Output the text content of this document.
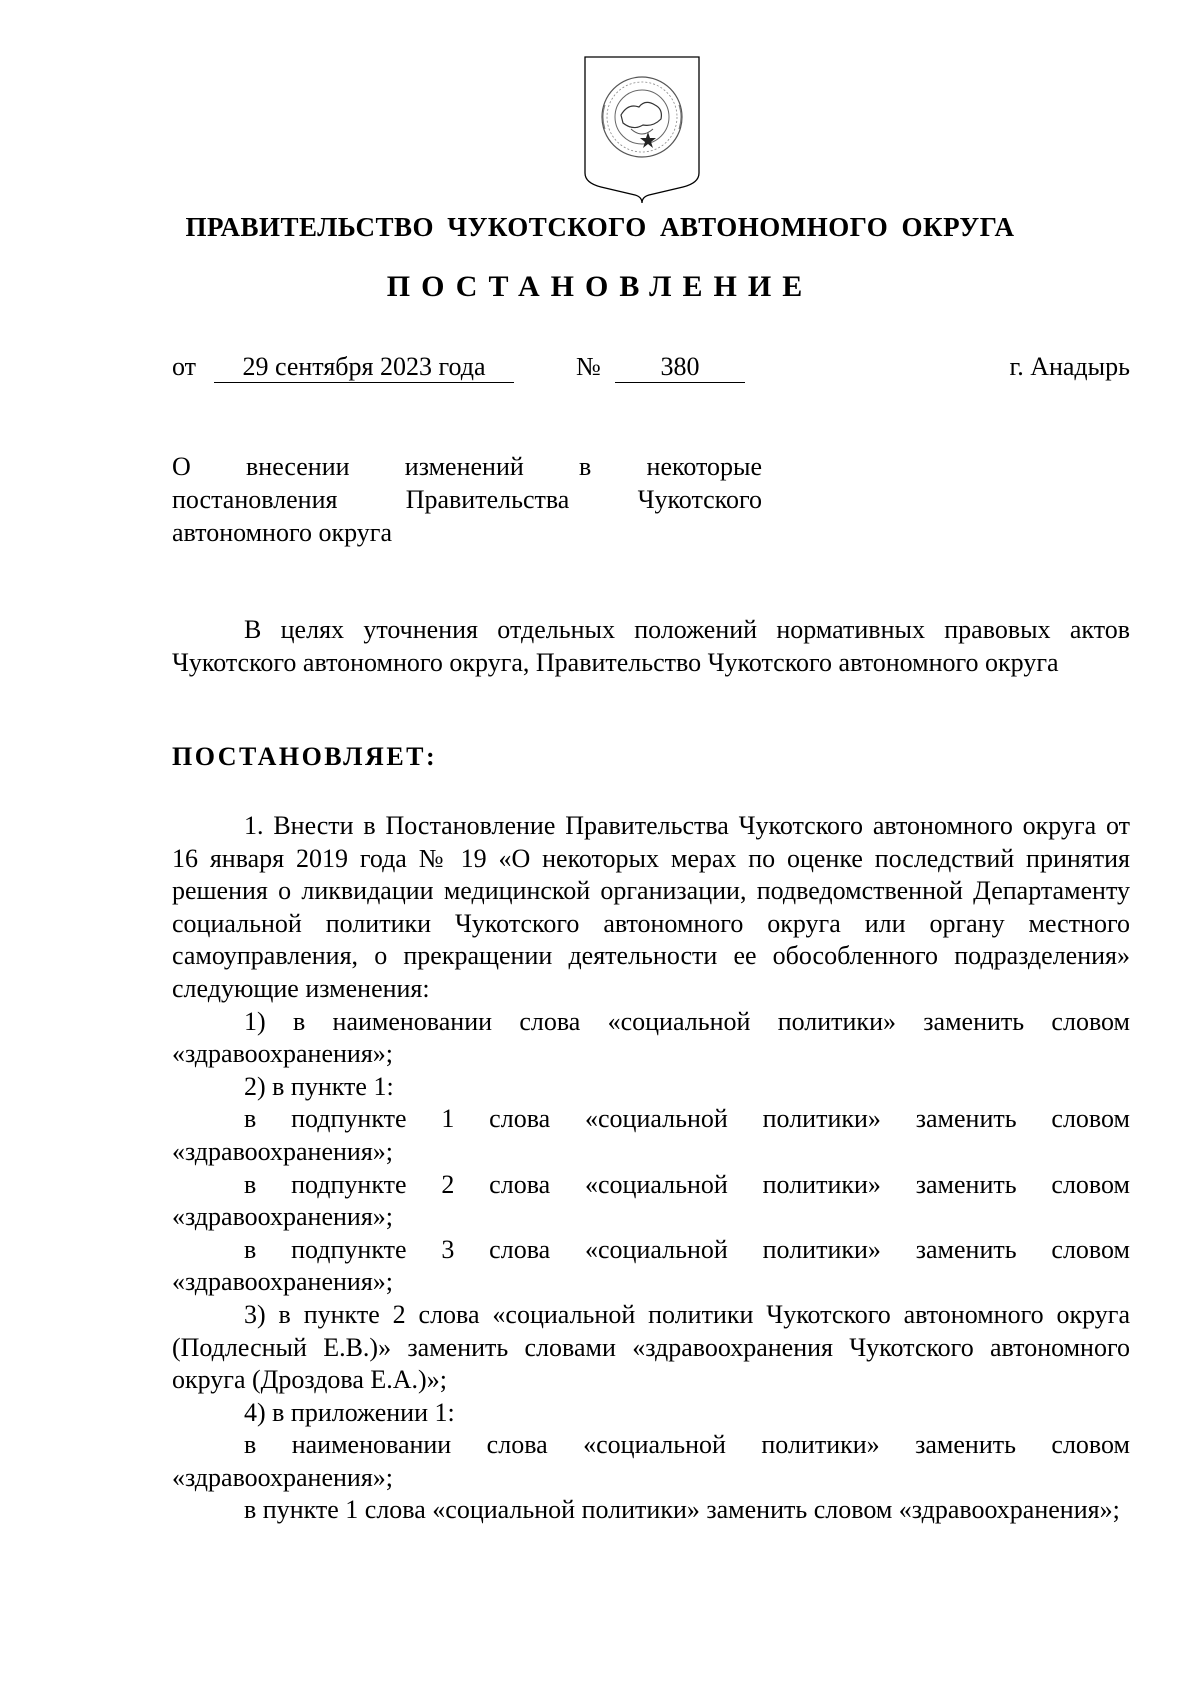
ПРАВИТЕЛЬСТВО ЧУКОТСКОГО АВТОНОМНОГО ОКРУГА
ПОСТАНОВЛЕНИЕ
от	29 сентября 2023 года	№	380	г. Анадырь
О внесении изменений в некоторые
постановления	Правительства	Чукотского
автономного округа

В целях уточнения отдельных положений нормативных правовых актов Чукотского автономного округа, Правительство Чукотского автономного округа

ПОСТАНОВЛЯЕТ:

1. Внести в Постановление Правительства Чукотского автономного округа от 16 января 2019 года № 19 «О некоторых мерах по оценке последствий принятия решения о ликвидации медицинской организации, подведомственной Департаменту социальной политики Чукотского автономного округа или органу местного самоуправления, о прекращении деятельности ее обособленного подразделения» следующие изменения:

1) в наименовании слова «социальной политики» заменить словом «здравоохранения»;

2) в пункте 1:

в подпункте 1 слова «социальной политики» заменить словом «здравоохранения»;

в подпункте 2 слова «социальной политики» заменить словом «здравоохранения»;

в подпункте 3 слова «социальной политики» заменить словом «здравоохранения»;

3) в пункте 2 слова «социальной политики Чукотского автономного округа (Подлесный Е.В.)» заменить словами «здравоохранения Чукотского автономного округа (Дроздова Е.А.)»;

4) в приложении 1:

в наименовании слова «социальной политики» заменить словом «здравоохранения»;

в пункте 1 слова «социальной политики» заменить словом «здравоохранения»;
